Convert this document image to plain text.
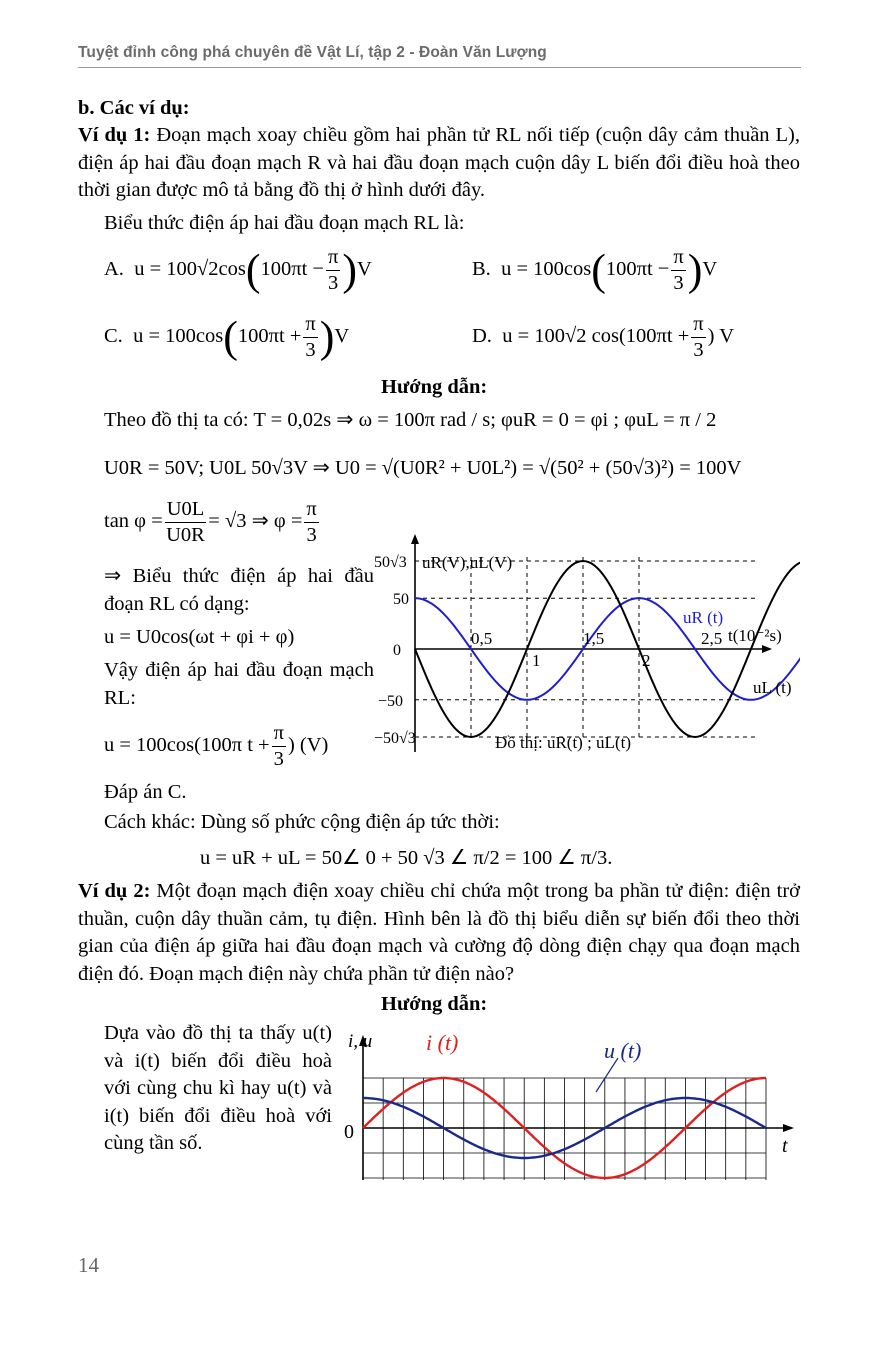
Tuyệt đỉnh công phá chuyên đề Vật Lí, tập 2 - Đoàn Văn Lượng
b. Các ví dụ:
Ví dụ 1: Đoạn mạch xoay chiều gồm hai phần tử RL nối tiếp (cuộn dây cảm thuần L), điện áp hai đầu đoạn mạch R và hai đầu đoạn mạch cuộn dây L biến đổi điều hoà theo thời gian được mô tả bằng đồ thị ở hình dưới đây.
Biểu thức điện áp hai đầu đoạn mạch RL là:
A. $u = 100√2\cos(100\pi t - \frac{\pi}{3} )V$	B. $u = 100\cos(100\pi t - \frac{\pi}{3} )V$
C. $u = 100\cos(100\pi t + \frac{\pi}{3} )V$	D. u = 100√2 $\cos(100\pi t + \frac{\pi}{3}$ ) V
Hướng dẫn:
Theo đồ thị ta có: T = 0,02s ⇒ ω = 100π rad / s; φuR = 0 = φi ; φuL = π / 2
U0R = 50V; U0L 50√3V ⇒ U0 = √(U0R² + U0L²) = √(50² + (50√3)²) = 100V
$\tan \varphi = \frac{U0L}{U0R} = √3$ ⇒ $\varphi = \frac{\pi}{3}$
⇒ Biểu thức điện áp hai đầu đoạn RL có dạng:
u = U0cos(ωt + φi + φ)
Vậy điện áp hai đầu đoạn mạch RL:
u = 100cos(100π $t + \frac{\pi}{3}$ ) (V)
0,5
1
1,5
2
2,5
50√3
50
0
−50
−50√3
uR(V),uL(V)
t(10⁻²s)
uR (t)
uL (t)
Đồ thị: uR(t) ; uL(t)
Đáp án C.
Cách khác: Dùng số phức cộng điện áp tức thời:
u = uR + uL = 50∠ 0 + 50 √3 ∠ π/2 = 100 ∠ π/3.
Ví dụ 2: Một đoạn mạch điện xoay chiều chỉ chứa một trong ba phần tử điện: điện trở thuần, cuộn dây thuần cảm, tụ điện. Hình bên là đồ thị biểu diễn sự biến đổi theo thời gian của điện áp giữa hai đầu đoạn mạch và cường độ dòng điện chạy qua đoạn mạch điện đó. Đoạn mạch điện này chứa phần tử điện nào?
Hướng dẫn:
Dựa vào đồ thị ta thấy u(t) và i(t) biến đổi điều hoà với cùng chu kì hay u(t) và i(t) biến đổi điều hoà với cùng tần số.
i, u
t
0
i (t)	u (t)
14
